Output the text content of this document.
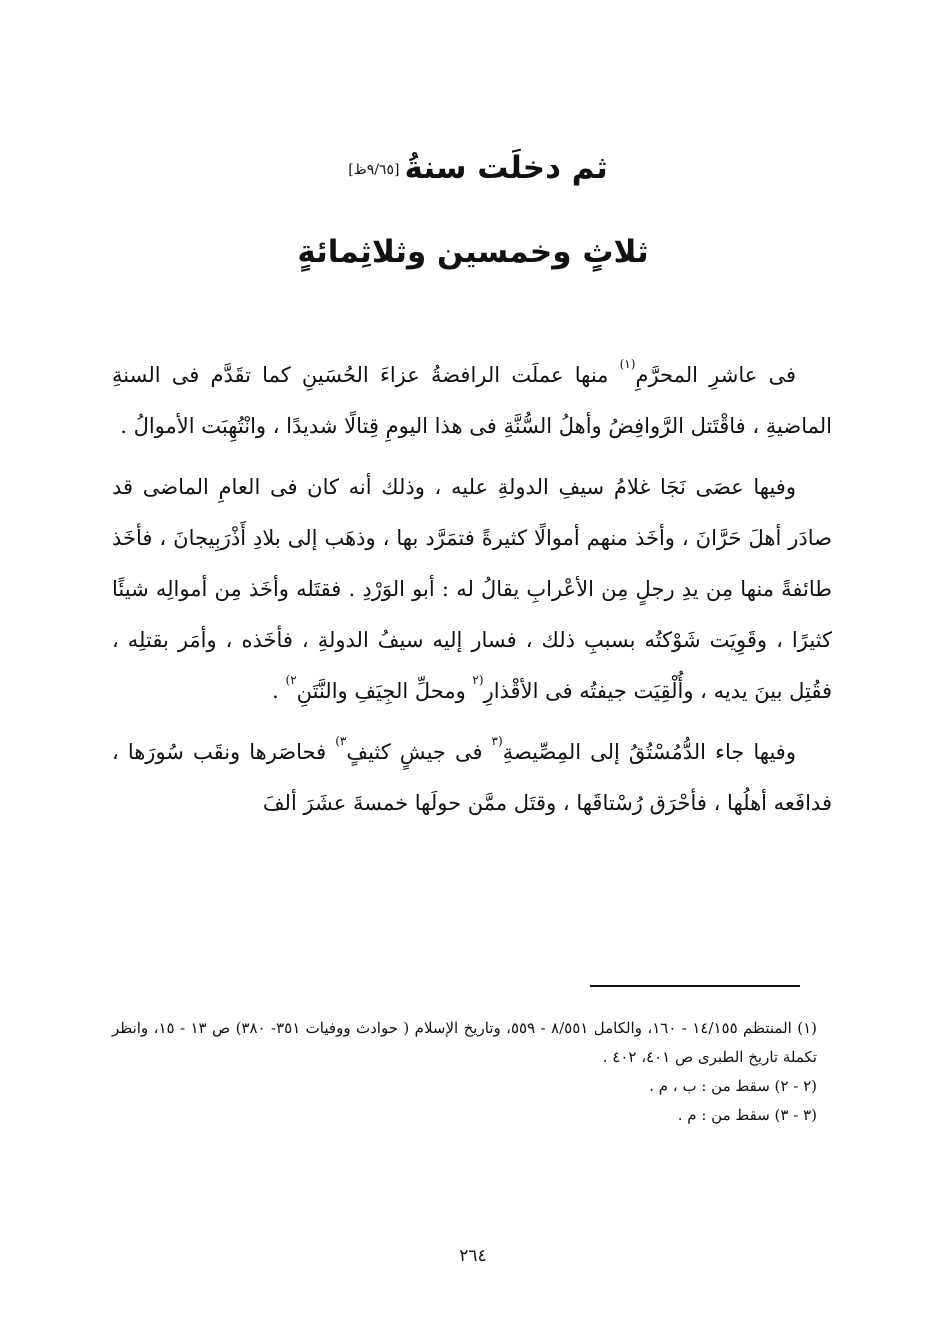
ثم دخلَت سنةُ [٩/٦٥ظ]
ثلاثٍ وخمسين وثلاثِمائةٍ

فى عاشرِ المحرَّمِ$^{(١)}$ منها عملَت الرافضةُ عزاءَ الحُسَينِ كما تقَدَّم فى السنةِ الماضيةِ ، فاقْتَتل الرَّوافِضُ وأهلُ السُّنَّةِ فى هذا اليومِ قِتالًا شديدًا ، وانْتُهِبَت الأموالُ .

وفيها عصَى نَجَا غلامُ سيفِ الدولةِ عليه ، وذلك أنه كان فى العامِ الماضى قد صادَر أهلَ حَرَّانَ ، وأخَذ منهم أموالًا كثيرةً فتمَرَّد بها ، وذهَب إلى بلادِ أَذْرَبِيجانَ ، فأخَذ طائفةً منها مِن يدِ رجلٍ مِن الأعْرابِ يقالُ له : أبو الوَرْدِ . فقتَله وأخَذ مِن أموالِه شيئًا كثيرًا ، وقَوِيَت شَوْكتُه بسببِ ذلك ، فسار إليه سيفُ الدولةِ ، فأخَذه ، وأمَر بقتلِه ، فقُتِل بينَ يديه ، وأُلْقِيَت جيفتُه فى الأقْذارِ$^{(٢}$ ومحلِّ الجِيَفِ والنَّتَنِ$^{٢)}$ .

وفيها جاء الدُّمُسْتُقُ إلى المِصِّيصةِ$^{(٣}$ فى جيشٍ كثيفٍ$^{٣)}$ فحاصَرها ونقَب سُورَها ، فدافَعه أهلُها ، فأحْرَق رُسْتاقَها ، وقتَل ممَّن حولَها خمسةَ عشَرَ ألفَ

(١) المنتظم ١٤/١٥٥ - ١٦٠، والكامل ٨/٥٥١ - ٥٥٩، وتاريخ الإسلام ( حوادث ووفيات ٣٥١- ٣٨٠) ص ١٣ - ١٥، وانظر تكملة تاريخ الطبرى ص ٤٠١، ٤٠٢ .

(٢ - ٢) سقط من : ب ، م .

(٣ - ٣) سقط من : م .

٢٦٤
